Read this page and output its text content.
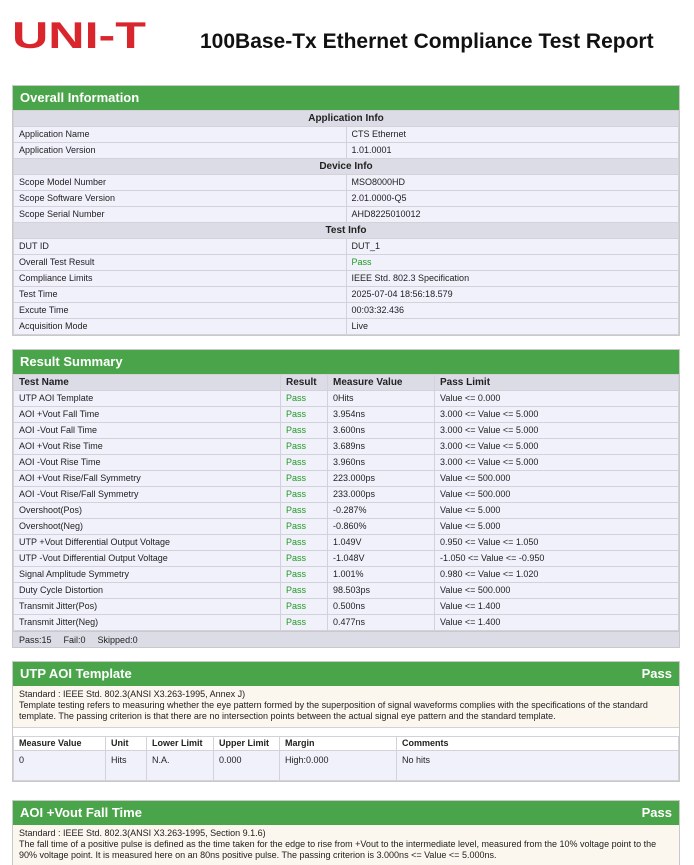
UNI-T	100Base-Tx Ethernet Compliance Test Report
Overall Information
Application Info	
Application Name	CTS Ethernet
Application Version	1.01.0001
Device Info	
Scope Model Number	MSO8000HD
Scope Software Version	2.01.0000-Q5
Scope Serial Number	AHD8225010012
Test Info	
DUT ID	DUT_1
Overall Test Result	Pass
Compliance Limits	IEEE Std. 802.3 Specification
Test Time	2025-07-04 18:56:18.579
Excute Time	00:03:32.436
Acquisition Mode	Live
Result Summary
Test Name	Result	Measure Value	Pass Limit
UTP AOI Template	Pass	0Hits	Value <= 0.000
AOI +Vout Fall Time	Pass	3.954ns	3.000 <= Value <= 5.000
AOI -Vout Fall Time	Pass	3.600ns	3.000 <= Value <= 5.000
AOI +Vout Rise Time	Pass	3.689ns	3.000 <= Value <= 5.000
AOI -Vout Rise Time	Pass	3.960ns	3.000 <= Value <= 5.000
AOI +Vout Rise/Fall Symmetry	Pass	223.000ps	Value <= 500.000
AOI -Vout Rise/Fall Symmetry	Pass	233.000ps	Value <= 500.000
Overshoot(Pos)	Pass	-0.287%	Value <= 5.000
Overshoot(Neg)	Pass	-0.860%	Value <= 5.000
UTP +Vout Differential Output Voltage	Pass	1.049V	0.950 <= Value <= 1.050
UTP -Vout Differential Output Voltage	Pass	-1.048V	-1.050 <= Value <= -0.950
Signal Amplitude Symmetry	Pass	1.001%	0.980 <= Value <= 1.020
Duty Cycle Distortion	Pass	98.503ps	Value <= 500.000
Transmit Jitter(Pos)	Pass	0.500ns	Value <= 1.400
Transmit Jitter(Neg)	Pass	0.477ns	Value <= 1.400
Pass:15 Fail:0 Skipped:0
UTP AOI Template	Pass
Standard : IEEE Std. 802.3(ANSI X3.263-1995, Annex J)
Template testing refers to measuring whether the eye pattern formed by the superposition of signal waveforms complies with the specifications of the standard template. The passing criterion is that there are no intersection points between the actual signal eye pattern and the standard template.
Measure Value	Unit	Lower Limit	Upper Limit	Margin	Comments
0	Hits	N.A.	0.000	High:0.000	No hits
AOI +Vout Fall Time	Pass
Standard : IEEE Std. 802.3(ANSI X3.263-1995, Section 9.1.6)
The fall time of a positive pulse is defined as the time taken for the edge to rise from +Vout to the intermediate level, measured from the 10% voltage point to the 90% voltage point. It is measured here on an 80ns positive pulse. The passing criterion is 3.000ns <= Value <= 5.000ns.
